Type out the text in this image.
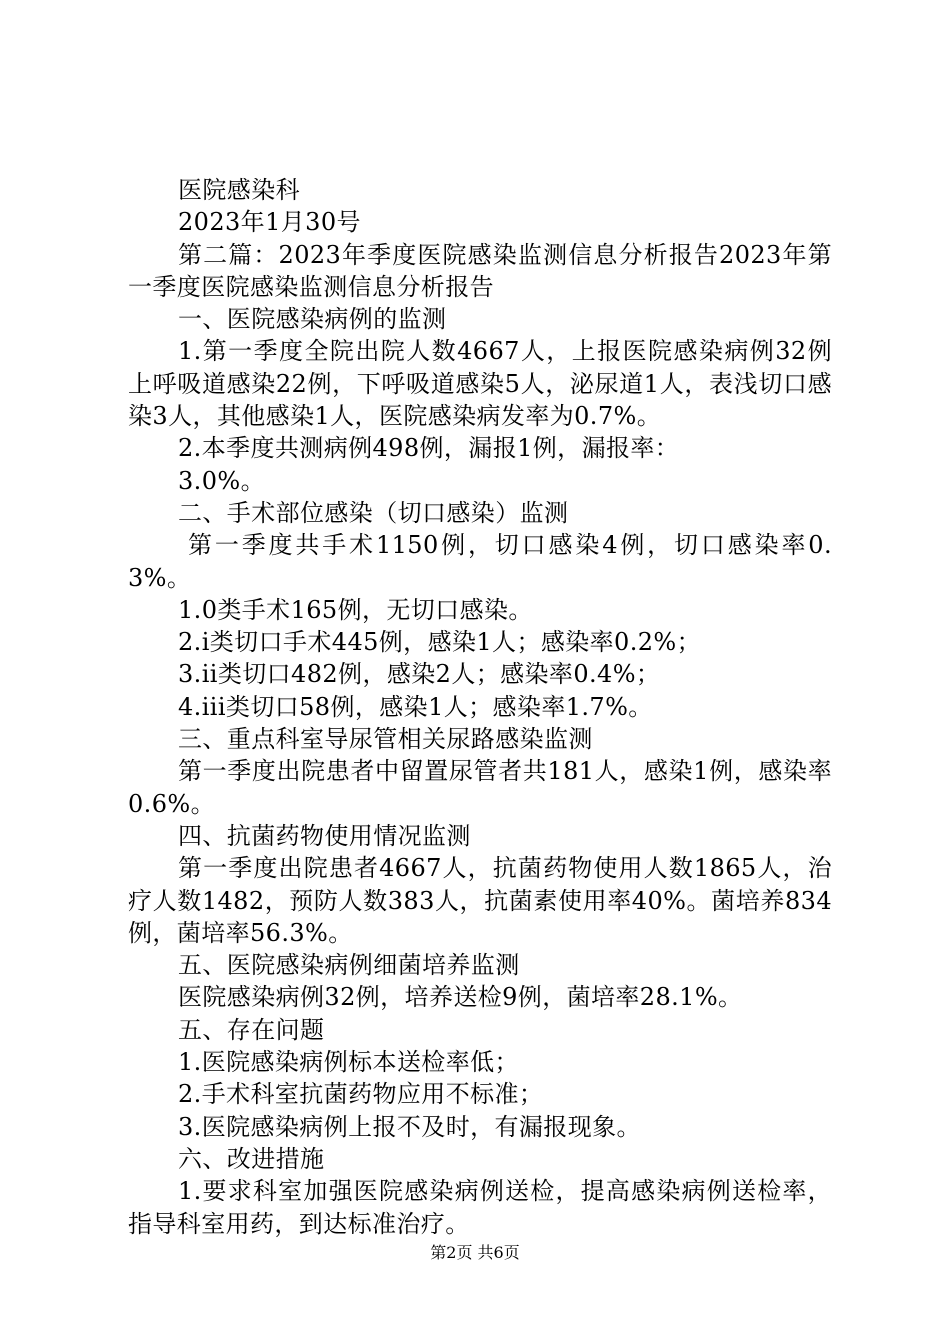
医院感染科

2023年1月30号

第二篇：2023年季度医院感染监测信息分析报告2023年第一季度医院感染监测信息分析报告

一、医院感染病例的监测

1.第一季度全院出院人数4667人，上报医院感染病例32例上呼吸道感染22例，下呼吸道感染5人，泌尿道1人，表浅切口感染3人，其他感染1人，医院感染病发率为0.7%。

2.本季度共测病例498例，漏报1例，漏报率：

3.0%。

二、手术部位感染（切口感染）监测

第一季度共手术1150例，切口感染4例，切口感染率0.3%。

1.0类手术165例，无切口感染。

2.i类切口手术445例，感染1人；感染率0.2%；

3.ii类切口482例，感染2人；感染率0.4%；

4.iii类切口58例，感染1人；感染率1.7%。

三、重点科室导尿管相关尿路感染监测

第一季度出院患者中留置尿管者共181人，感染1例，感染率0.6%。

四、抗菌药物使用情况监测

第一季度出院患者4667人，抗菌药物使用人数1865人，治疗人数1482，预防人数383人，抗菌素使用率40%。菌培养834例，菌培率56.3%。

五、医院感染病例细菌培养监测

医院感染病例32例，培养送检9例，菌培率28.1%。

五、存在问题

1.医院感染病例标本送检率低；

2.手术科室抗菌药物应用不标准；

3.医院感染病例上报不及时，有漏报现象。

六、改进措施

1.要求科室加强医院感染病例送检，提高感染病例送检率，指导科室用药，到达标准治疗。

第2页 共6页
